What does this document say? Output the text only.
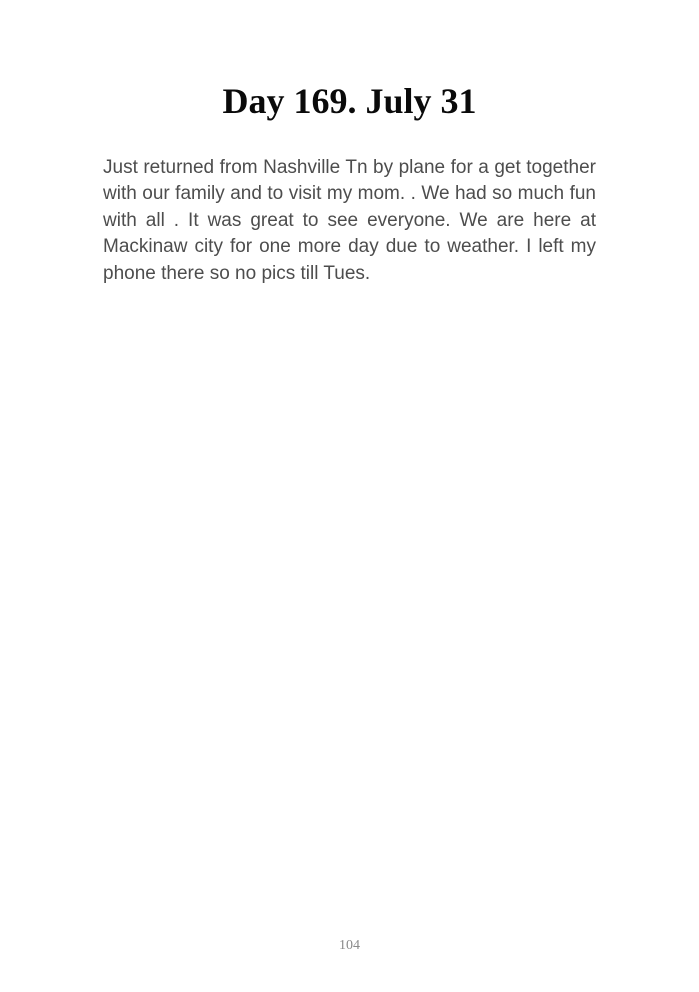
Day 169. July 31

Just returned from Nashville Tn by plane for a get together with our family and to visit my mom. . We had so much fun with all . It was great to see everyone. We are here at Mackinaw city for one more day due to weather. I left my phone there so no pics till Tues.

104
